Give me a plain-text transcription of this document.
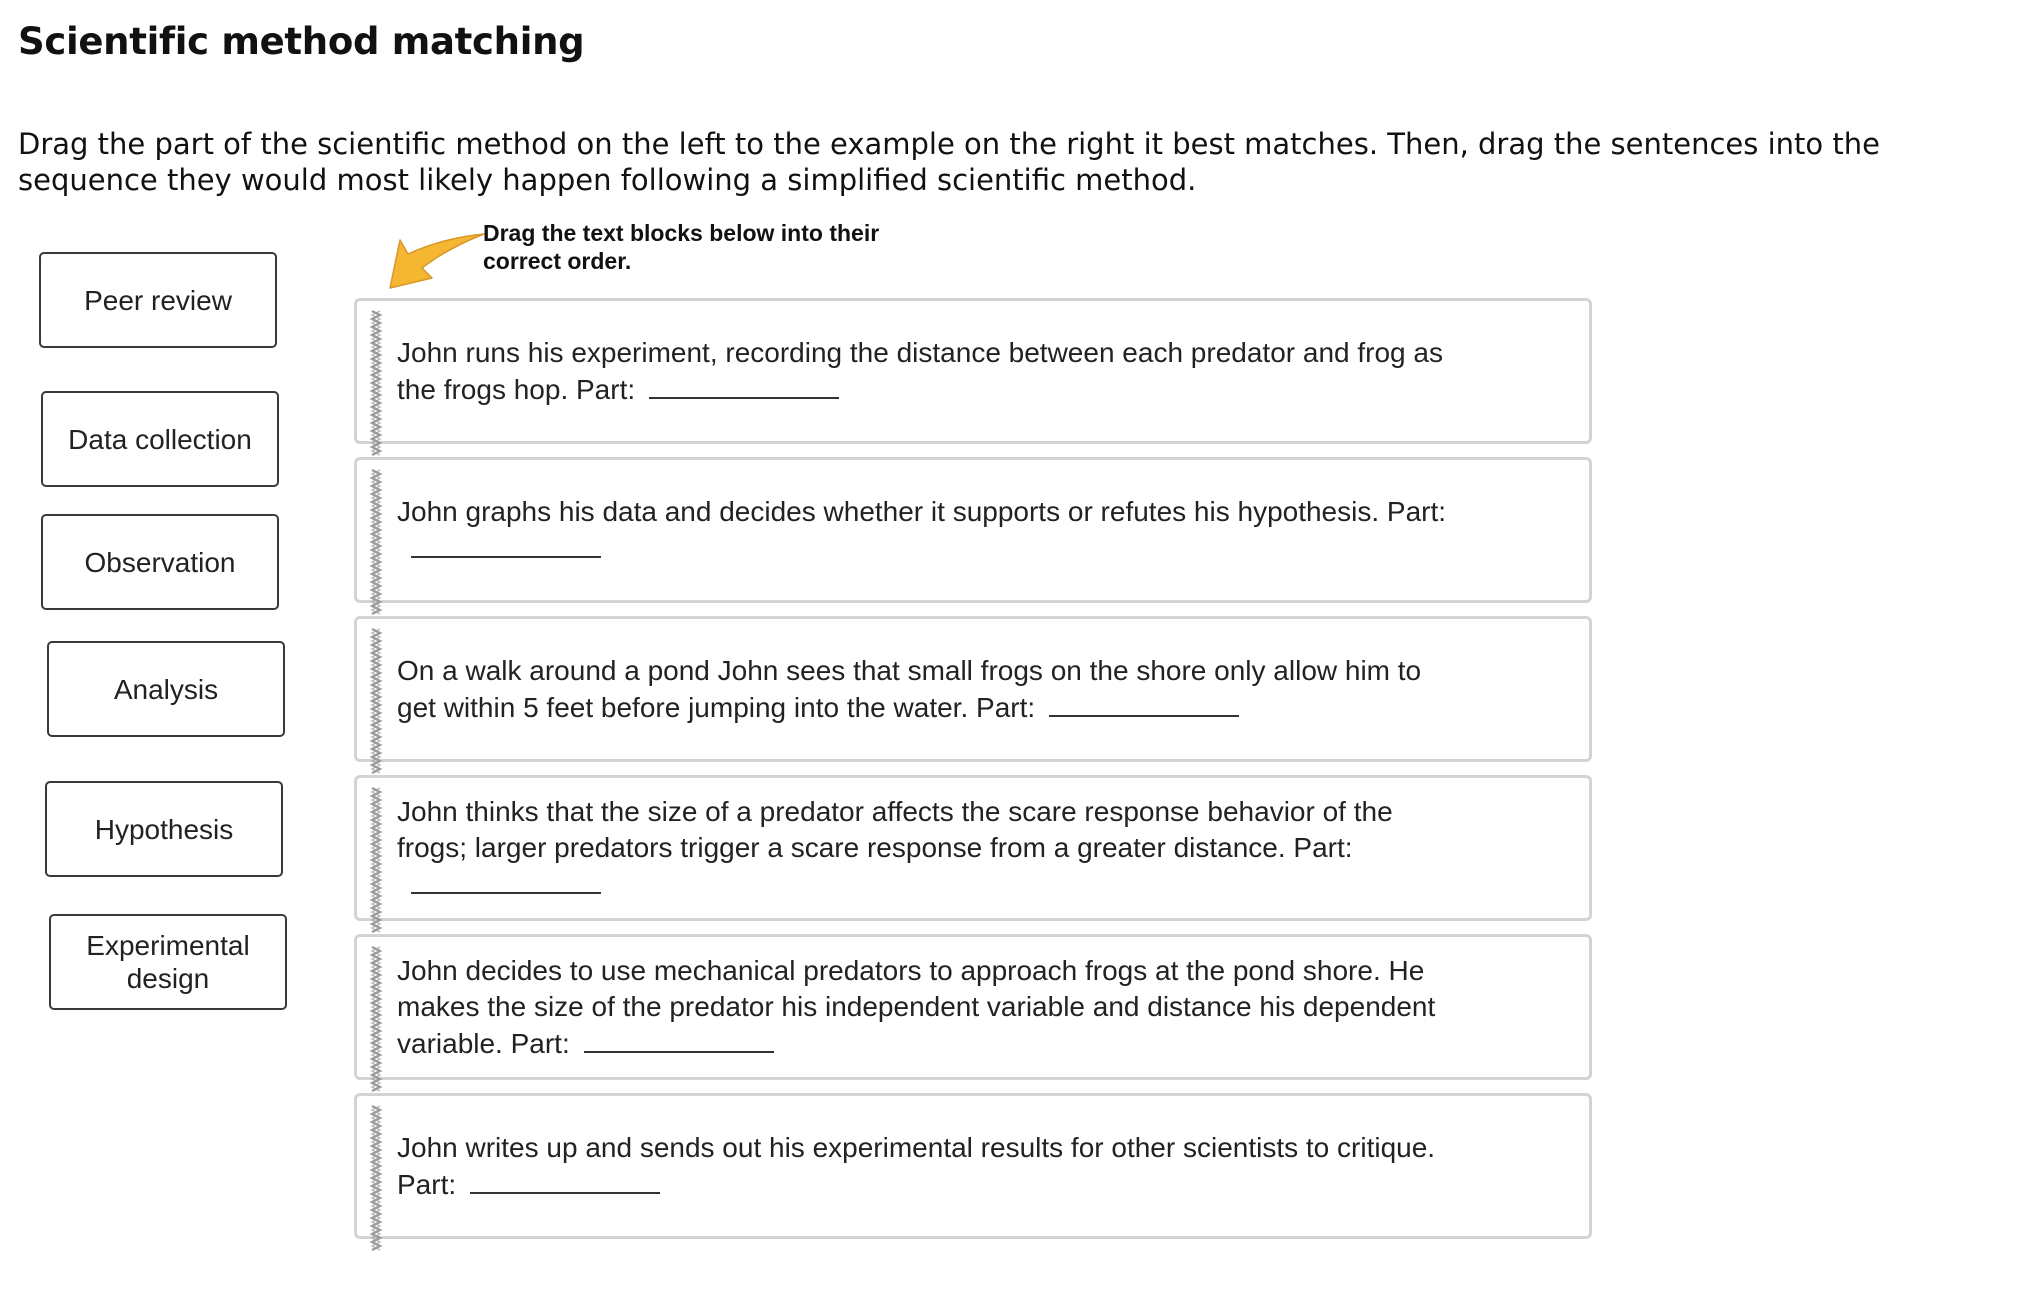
Scientific method matching

Drag the part of the scientific method on the left to the example on the right it best matches. Then, drag the sentences into the sequence they would most likely happen following a simplified scientific method.

Peer review
Data collection
Observation
Analysis
Hypothesis
Experimental design
Drag the text blocks below into their correct order.
John runs his experiment, recording the distance between each predator and frog as the frogs hop. Part:
John graphs his data and decides whether it supports or refutes his hypothesis. Part:
On a walk around a pond John sees that small frogs on the shore only allow him to get within 5 feet before jumping into the water. Part:
John thinks that the size of a predator affects the scare response behavior of the frogs; larger predators trigger a scare response from a greater distance. Part:
John decides to use mechanical predators to approach frogs at the pond shore. He makes the size of the predator his independent variable and distance his dependent variable. Part:
John writes up and sends out his experimental results for other scientists to critique. Part:
